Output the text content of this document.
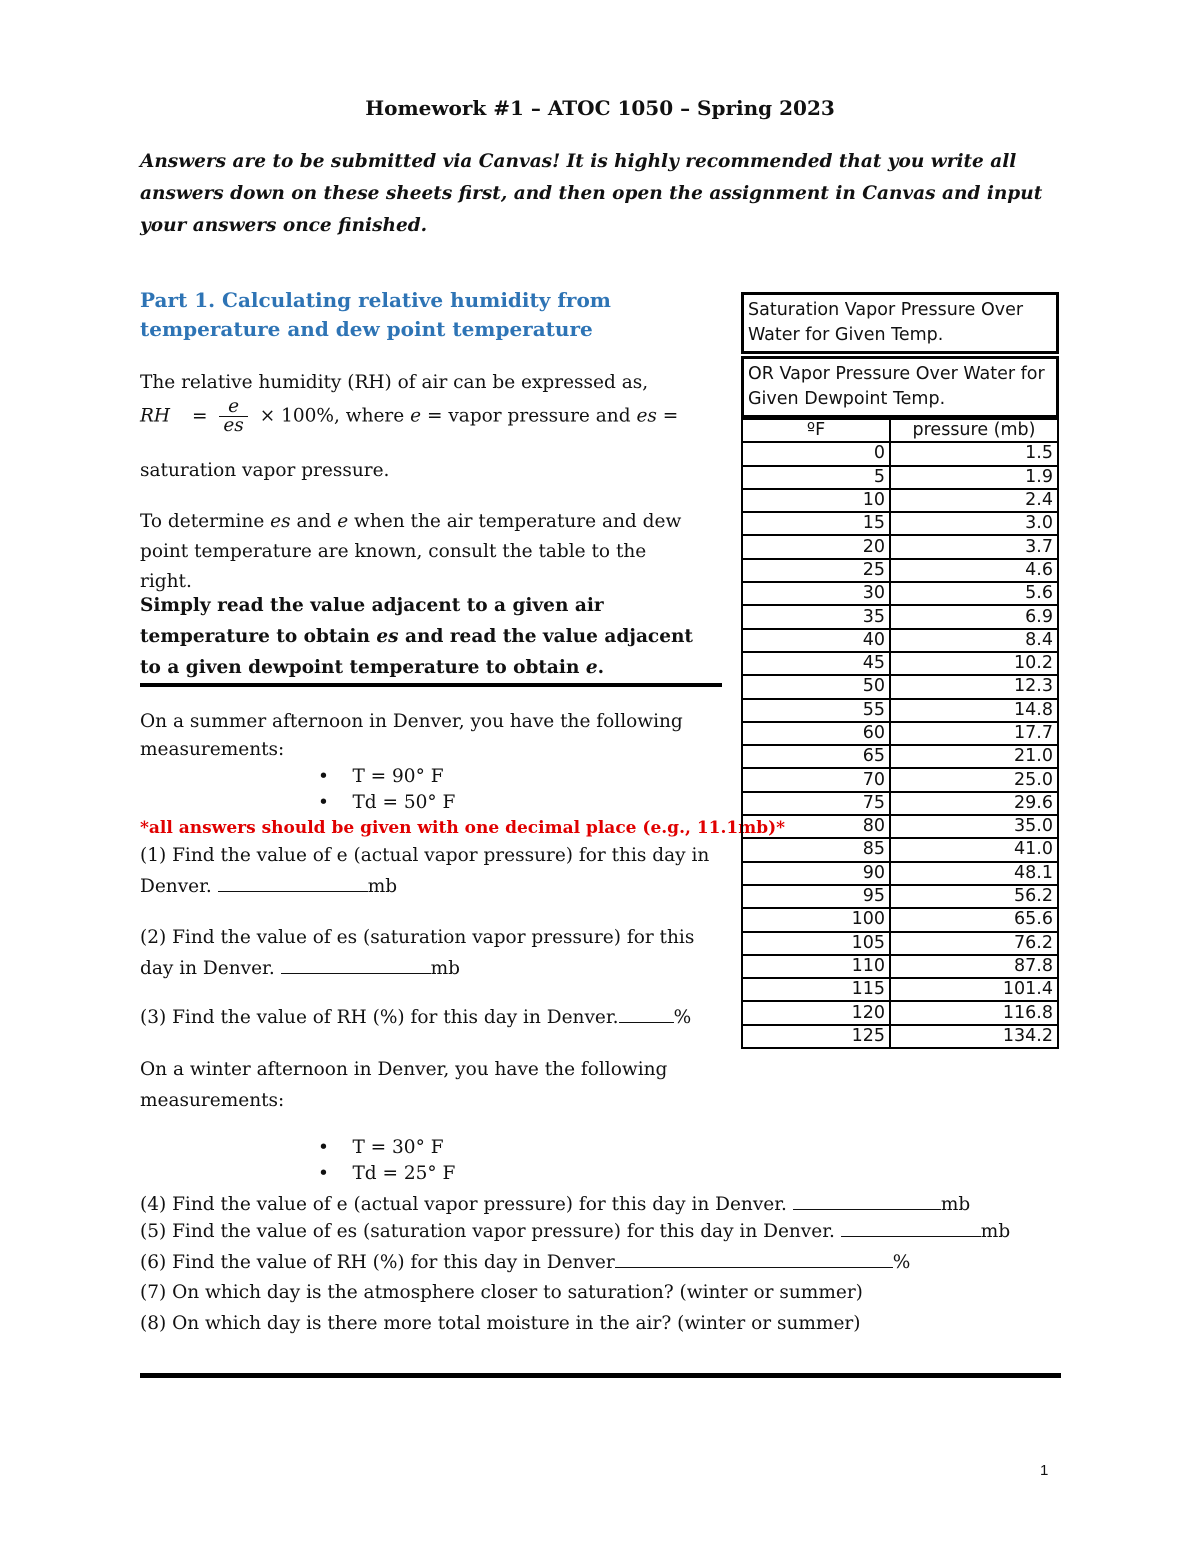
Homework #1 – ATOC 1050 – Spring 2023
Answers are to be submitted via Canvas! It is highly recommended that you write all answers down on these sheets first, and then open the assignment in Canvas and input your answers once finished.
Part 1. Calculating relative humidity from temperature and dew point temperature
The relative humidity (RH) of air can be expressed as,
RH = $\frac{e}{es} \times 100\%$, where e = vapor pressure and es =
saturation vapor pressure.
To determine es and e when the air temperature and dew point temperature are known, consult the table to the right.
Simply read the value adjacent to a given air temperature to obtain es and read the value adjacent to a given dewpoint temperature to obtain e.
On a summer afternoon in Denver, you have the following measurements:
•    T = 90° F
•    Td = 50° F
*all answers should be given with one decimal place (e.g., 11.1mb)*
(1) Find the value of e (actual vapor pressure) for this day in Denver.	mb
(2) Find the value of es (saturation vapor pressure) for this day in Denver.	mb
(3) Find the value of RH (%) for this day in Denver.	%
On a winter afternoon in Denver, you have the following measurements:
•    T = 30° F
•    Td = 25° F
(4) Find the value of e (actual vapor pressure) for this day in Denver.	mb
(5) Find the value of es (saturation vapor pressure) for this day in Denver.	mb
(6) Find the value of RH (%) for this day in Denver	%
(7) On which day is the atmosphere closer to saturation? (winter or summer)
(8) On which day is there more total moisture in the air? (winter or summer)
Saturation Vapor Pressure Over Water for Given Temp.
OR Vapor Pressure Over Water for Given Dewpoint Temp.
ºF	pressure (mb)
0	1.5
5	1.9
10	2.4
15	3.0
20	3.7
25	4.6
30	5.6
35	6.9
40	8.4
45	10.2
50	12.3
55	14.8
60	17.7
65	21.0
70	25.0
75	29.6
80	35.0
85	41.0
90	48.1
95	56.2
100	65.6
105	76.2
110	87.8
115	101.4
120	116.8
125	134.2
1
